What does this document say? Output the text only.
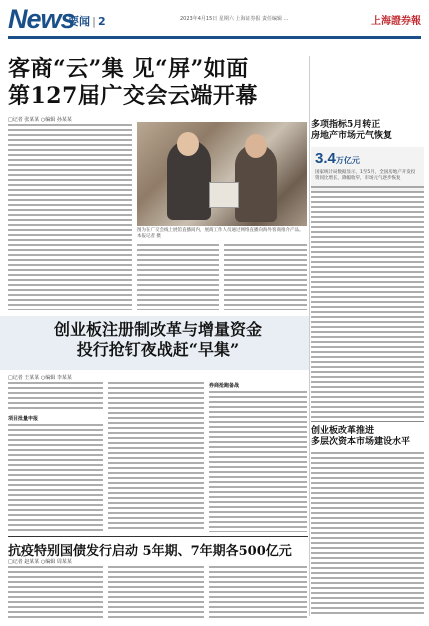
News
要闻 | 2	2023年4月15日 星期六 上海证券报 责任编辑 ...	上海證券報
客商“云”集 见“屏”如面
第127届广交会云端开幕
□记者 张某某 ○编辑 孙某某
图为在广交会线上展馆直播间内，展商工作人员通过网络直播向海外客商推介产品。本报记者 摄
多项指标5月转正
房地产市场元气恢复
3.4万亿元
国家统计局数据显示，1至5月，全国房地产开发投资同比增长，降幅收窄，市场元气逐步恢复
创业板改革推进
多层次资本市场建设水平
创业板注册制改革与增量资金
投行抢钉夜战赶“早集”
□记者 王某某 ○编辑 李某某
项目批量申报
券商抢跑备战
抗疫特别国债发行启动 5年期、7年期各500亿元
□记者 赵某某 ○编辑 周某某
